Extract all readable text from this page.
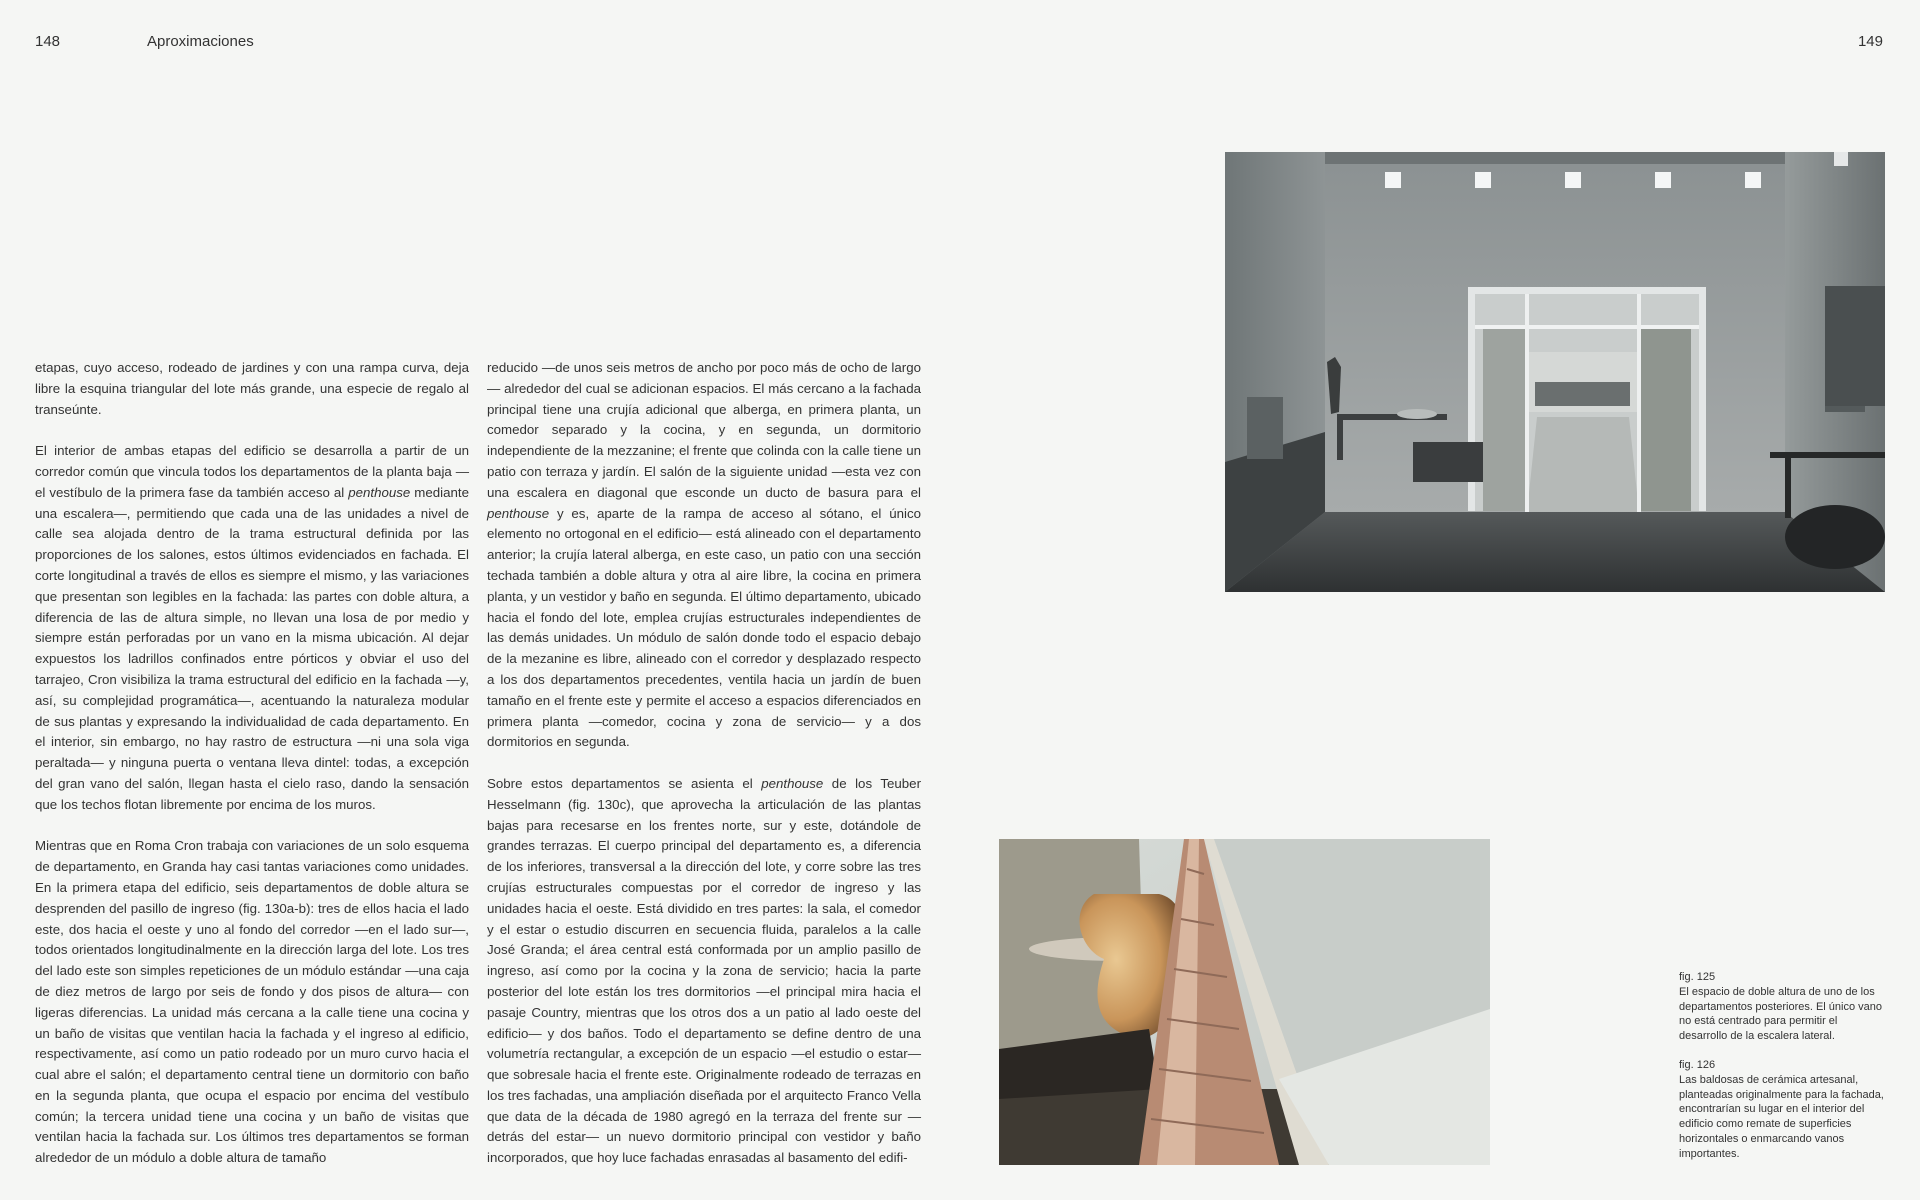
148	Aproximaciones	149

etapas, cuyo acceso, rodeado de jardines y con una rampa curva, deja libre la esquina triangular del lote más grande, una especie de regalo al transeúnte.

El interior de ambas etapas del edificio se desarrolla a partir de un corredor común que vincula todos los departamentos de la planta baja —el vestíbulo de la primera fase da también acceso al penthouse mediante una escalera—, permitiendo que cada una de las unidades a nivel de calle sea alojada dentro de la trama estructural definida por las proporciones de los salones, estos últimos evidenciados en fachada. El corte longitudinal a través de ellos es siempre el mismo, y las variaciones que presentan son legibles en la fachada: las partes con doble altura, a diferencia de las de altura simple, no llevan una losa de por medio y siempre están perforadas por un vano en la misma ubicación. Al dejar expuestos los ladrillos confinados entre pórticos y obviar el uso del tarrajeo, Cron visibiliza la trama estructural del edificio en la fachada —y, así, su complejidad programática—, acentuando la naturaleza modular de sus plantas y expresando la individualidad de cada departamento. En el interior, sin embargo, no hay rastro de estructura —ni una sola viga peraltada— y ninguna puerta o ventana lleva dintel: todas, a excepción del gran vano del salón, llegan hasta el cielo raso, dando la sensación que los techos flotan libremente por encima de los muros.

Mientras que en Roma Cron trabaja con variaciones de un solo esquema de departamento, en Granda hay casi tantas variaciones como unidades. En la primera etapa del edificio, seis departamentos de doble altura se desprenden del pasillo de ingreso (fig. 130a-b): tres de ellos hacia el lado este, dos hacia el oeste y uno al fondo del corredor —en el lado sur—, todos orientados longitudinalmente en la dirección larga del lote. Los tres del lado este son simples repeticiones de un módulo estándar —una caja de diez metros de largo por seis de fondo y dos pisos de altura— con ligeras diferencias. La unidad más cercana a la calle tiene una cocina y un baño de visitas que ventilan hacia la fachada y el ingreso al edificio, respectivamente, así como un patio rodeado por un muro curvo hacia el cual abre el salón; el departamento central tiene un dormitorio con baño en la segunda planta, que ocupa el espacio por encima del vestíbulo común; la tercera unidad tiene una cocina y un baño de visitas que ventilan hacia la fachada sur. Los últimos tres departamentos se forman alrededor de un módulo a doble altura de tamaño

reducido —de unos seis metros de ancho por poco más de ocho de largo— alrededor del cual se adicionan espacios. El más cercano a la fachada principal tiene una crujía adicional que alberga, en primera planta, un comedor separado y la cocina, y en segunda, un dormitorio independiente de la mezzanine; el frente que colinda con la calle tiene un patio con terraza y jardín. El salón de la siguiente unidad —esta vez con una escalera en diagonal que esconde un ducto de basura para el penthouse y es, aparte de la rampa de acceso al sótano, el único elemento no ortogonal en el edificio— está alineado con el departamento anterior; la crujía lateral alberga, en este caso, un patio con una sección techada también a doble altura y otra al aire libre, la cocina en primera planta, y un vestidor y baño en segunda. El último departamento, ubicado hacia el fondo del lote, emplea crujías estructurales independientes de las demás unidades. Un módulo de salón donde todo el espacio debajo de la mezanine es libre, alineado con el corredor y desplazado respecto a los dos departamentos precedentes, ventila hacia un jardín de buen tamaño en el frente este y permite el acceso a espacios diferenciados en primera planta —comedor, cocina y zona de servicio— y a dos dormitorios en segunda.

Sobre estos departamentos se asienta el penthouse de los Teuber Hesselmann (fig. 130c), que aprovecha la articulación de las plantas bajas para recesarse en los frentes norte, sur y este, dotándole de grandes terrazas. El cuerpo principal del departamento es, a diferencia de los inferiores, transversal a la dirección del lote, y corre sobre las tres crujías estructurales compuestas por el corredor de ingreso y las unidades hacia el oeste. Está dividido en tres partes: la sala, el comedor y el estar o estudio discurren en secuencia fluida, paralelos a la calle José Granda; el área central está conformada por un amplio pasillo de ingreso, así como por la cocina y la zona de servicio; hacia la parte posterior del lote están los tres dormitorios —el principal mira hacia el pasaje Country, mientras que los otros dos a un patio al lado oeste del edificio— y dos baños. Todo el departamento se define dentro de una volumetría rectangular, a excepción de un espacio —el estudio o estar— que sobresale hacia el frente este. Originalmente rodeado de terrazas en los tres fachadas, una ampliación diseñada por el arquitecto Franco Vella que data de la década de 1980 agregó en la terraza del frente sur —detrás del estar— un nuevo dormitorio principal con vestidor y baño incorporados, que hoy luce fachadas enrasadas al basamento del edifi-

fig. 125
El espacio de doble altura de uno de los departamentos posteriores. El único vano no está centrado para permitir el desarrollo de la escalera lateral.
fig. 126
Las baldosas de cerámica artesanal, planteadas originalmente para la fachada, encontrarían su lugar en el interior del edificio como remate de superficies horizontales o enmarcando vanos importantes.
